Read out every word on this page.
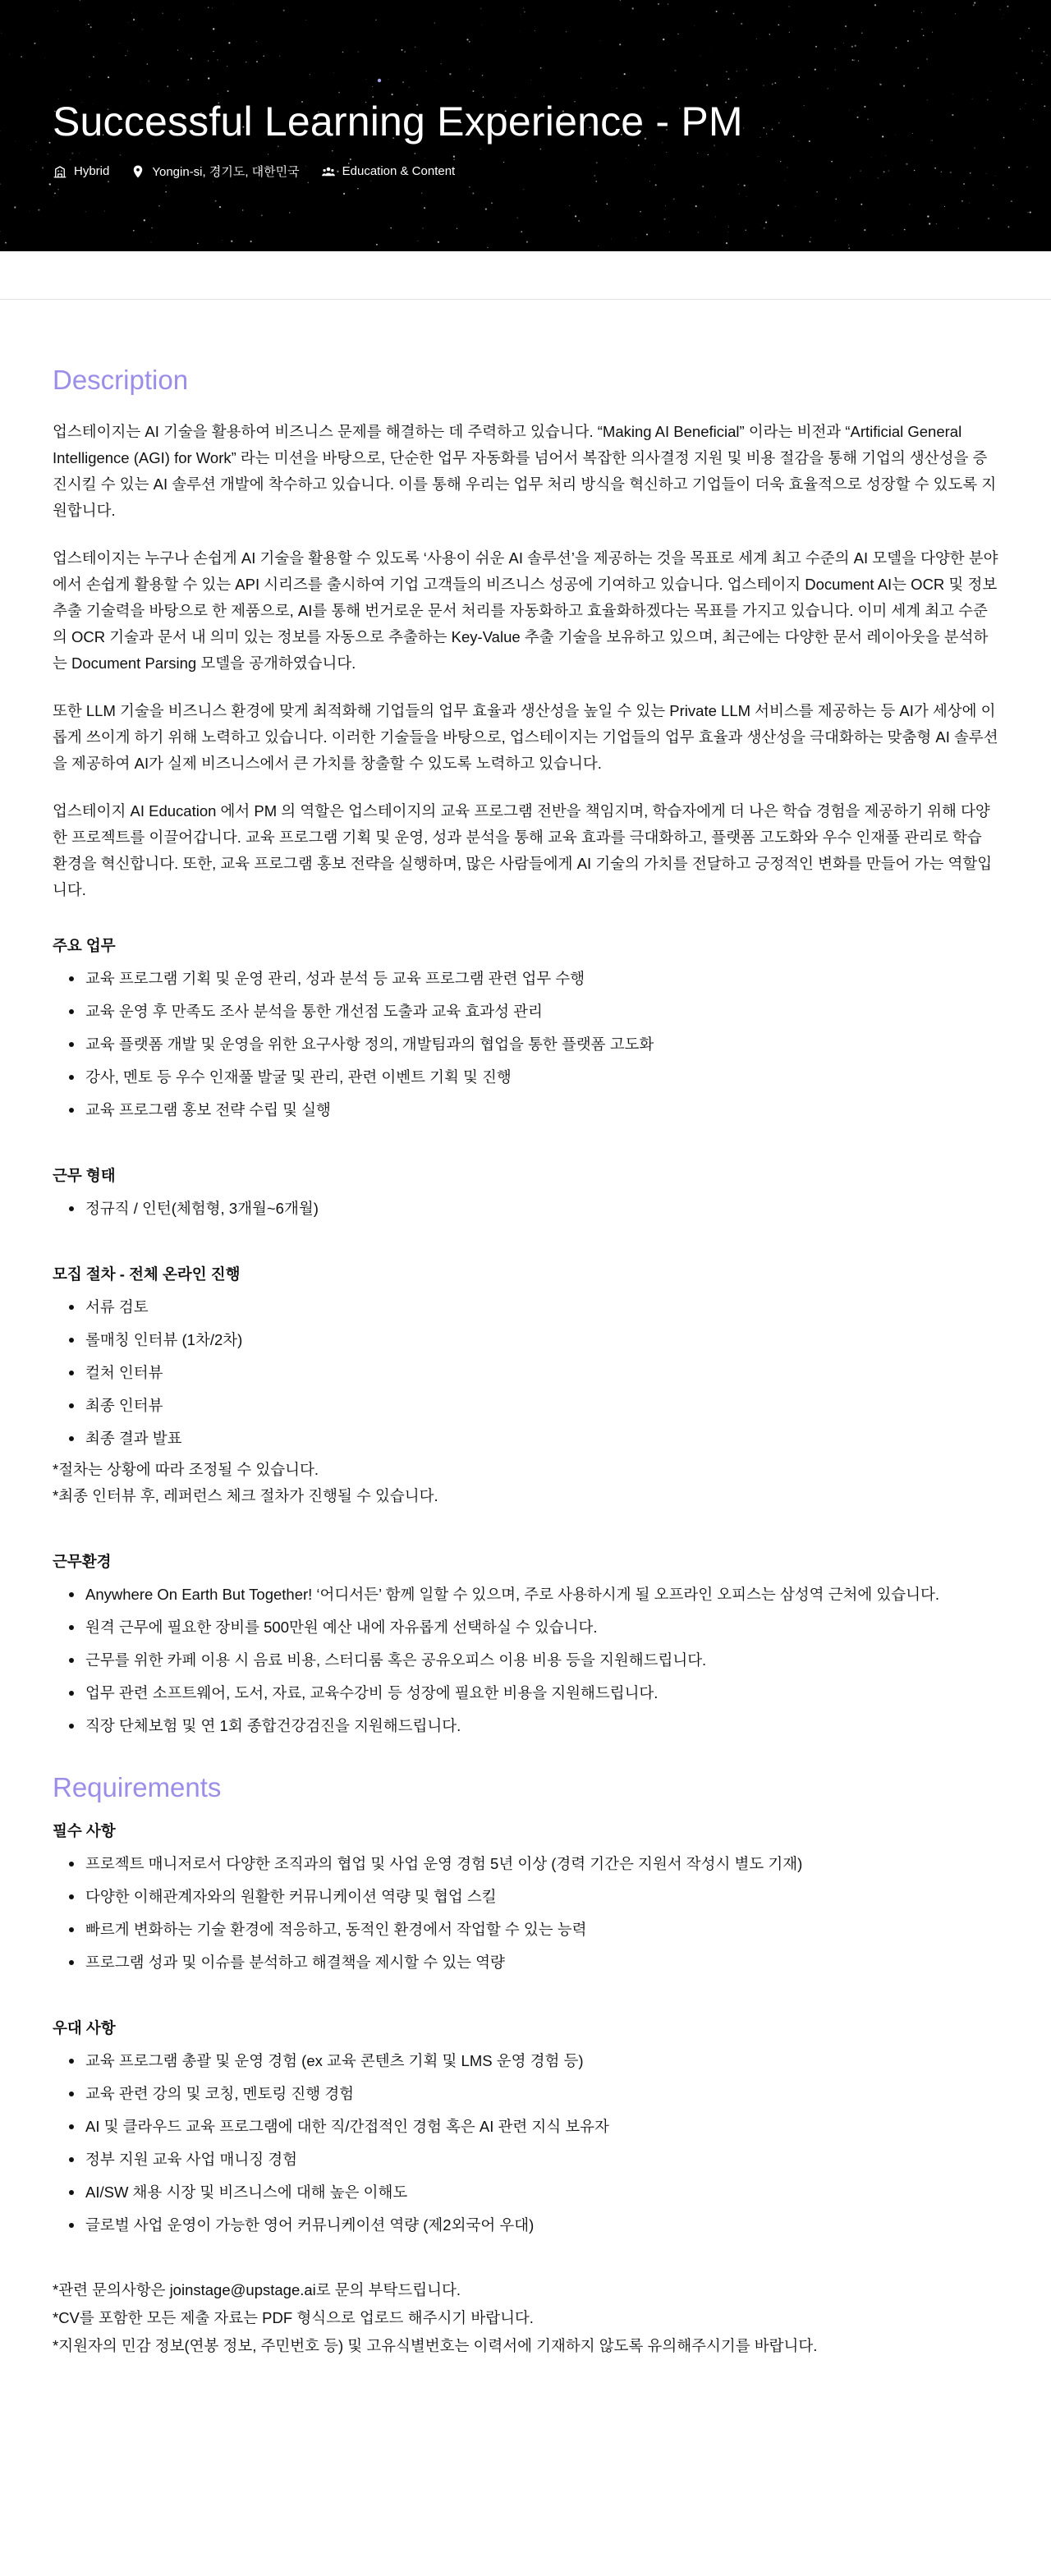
Successful Learning Experience - PM
Hybrid	Yongin-si, 경기도, 대한민국	Education & Content
Description

업스테이지는 AI 기술을 활용하여 비즈니스 문제를 해결하는 데 주력하고 있습니다. “Making AI Beneficial” 이라는 비전과 “Artificial General Intelligence (AGI) for Work” 라는 미션을 바탕으로, 단순한 업무 자동화를 넘어서 복잡한 의사결정 지원 및 비용 절감을 통해 기업의 생산성을 증진시킬 수 있는 AI 솔루션 개발에 착수하고 있습니다. 이를 통해 우리는 업무 처리 방식을 혁신하고 기업들이 더욱 효율적으로 성장할 수 있도록 지원합니다.

업스테이지는 누구나 손쉽게 AI 기술을 활용할 수 있도록 ‘사용이 쉬운 AI 솔루션’을 제공하는 것을 목표로 세계 최고 수준의 AI 모델을 다양한 분야에서 손쉽게 활용할 수 있는 API 시리즈를 출시하여 기업 고객들의 비즈니스 성공에 기여하고 있습니다. 업스테이지 Document AI는 OCR 및 정보추출 기술력을 바탕으로 한 제품으로, AI를 통해 번거로운 문서 처리를 자동화하고 효율화하겠다는 목표를 가지고 있습니다. 이미 세계 최고 수준의 OCR 기술과 문서 내 의미 있는 정보를 자동으로 추출하는 Key-Value 추출 기술을 보유하고 있으며, 최근에는 다양한 문서 레이아웃을 분석하는 Document Parsing 모델을 공개하였습니다.

또한 LLM 기술을 비즈니스 환경에 맞게 최적화해 기업들의 업무 효율과 생산성을 높일 수 있는 Private LLM 서비스를 제공하는 등 AI가 세상에 이롭게 쓰이게 하기 위해 노력하고 있습니다. 이러한 기술들을 바탕으로, 업스테이지는 기업들의 업무 효율과 생산성을 극대화하는 맞춤형 AI 솔루션을 제공하여 AI가 실제 비즈니스에서 큰 가치를 창출할 수 있도록 노력하고 있습니다.

업스테이지 AI Education 에서 PM 의 역할은 업스테이지의 교육 프로그램 전반을 책임지며, 학습자에게 더 나은 학습 경험을 제공하기 위해 다양한 프로젝트를 이끌어갑니다. 교육 프로그램 기획 및 운영, 성과 분석을 통해 교육 효과를 극대화하고, 플랫폼 고도화와 우수 인재풀 관리로 학습 환경을 혁신합니다. 또한, 교육 프로그램 홍보 전략을 실행하며, 많은 사람들에게 AI 기술의 가치를 전달하고 긍정적인 변화를 만들어 가는 역할입니다.

주요 업무
교육 프로그램 기획 및 운영 관리, 성과 분석 등 교육 프로그램 관련 업무 수행
교육 운영 후 만족도 조사 분석을 통한 개선점 도출과 교육 효과성 관리
교육 플랫폼 개발 및 운영을 위한 요구사항 정의, 개발팀과의 협업을 통한 플랫폼 고도화
강사, 멘토 등 우수 인재풀 발굴 및 관리, 관련 이벤트 기획 및 진행
교육 프로그램 홍보 전략 수립 및 실행
근무 형태
정규직 / 인턴(체험형, 3개월~6개월)
모집 절차 - 전체 온라인 진행
서류 검토
롤매칭 인터뷰 (1차/2차)
컬처 인터뷰
최종 인터뷰
최종 결과 발표

*절차는 상황에 따라 조정될 수 있습니다.

*최종 인터뷰 후, 레퍼런스 체크 절차가 진행될 수 있습니다.

근무환경
Anywhere On Earth But Together! ‘어디서든’ 함께 일할 수 있으며, 주로 사용하시게 될 오프라인 오피스는 삼성역 근처에 있습니다.
원격 근무에 필요한 장비를 500만원 예산 내에 자유롭게 선택하실 수 있습니다.
근무를 위한 카페 이용 시 음료 비용, 스터디룸 혹은 공유오피스 이용 비용 등을 지원해드립니다.
업무 관련 소프트웨어, 도서, 자료, 교육수강비 등 성장에 필요한 비용을 지원해드립니다.
직장 단체보험 및 연 1회 종합건강검진을 지원해드립니다.
Requirements
필수 사항
프로젝트 매니저로서 다양한 조직과의 협업 및 사업 운영 경험 5년 이상 (경력 기간은 지원서 작성시 별도 기재)
다양한 이해관계자와의 원활한 커뮤니케이션 역량 및 협업 스킬
빠르게 변화하는 기술 환경에 적응하고, 동적인 환경에서 작업할 수 있는 능력
프로그램 성과 및 이슈를 분석하고 해결책을 제시할 수 있는 역량
우대 사항
교육 프로그램 총괄 및 운영 경험 (ex 교육 콘텐츠 기획 및 LMS 운영 경험 등)
교육 관련 강의 및 코칭, 멘토링 진행 경험
AI 및 클라우드 교육 프로그램에 대한 직/간접적인 경험 혹은 AI 관련 지식 보유자
정부 지원 교육 사업 매니징 경험
AI/SW 채용 시장 및 비즈니스에 대해 높은 이해도
글로벌 사업 운영이 가능한 영어 커뮤니케이션 역량 (제2외국어 우대)

*관련 문의사항은 joinstage@upstage.ai로 문의 부탁드립니다.

*CV를 포함한 모든 제출 자료는 PDF 형식으로 업로드 해주시기 바랍니다.

*지원자의 민감 정보(연봉 정보, 주민번호 등) 및 고유식별번호는 이력서에 기재하지 않도록 유의해주시기를 바랍니다.
